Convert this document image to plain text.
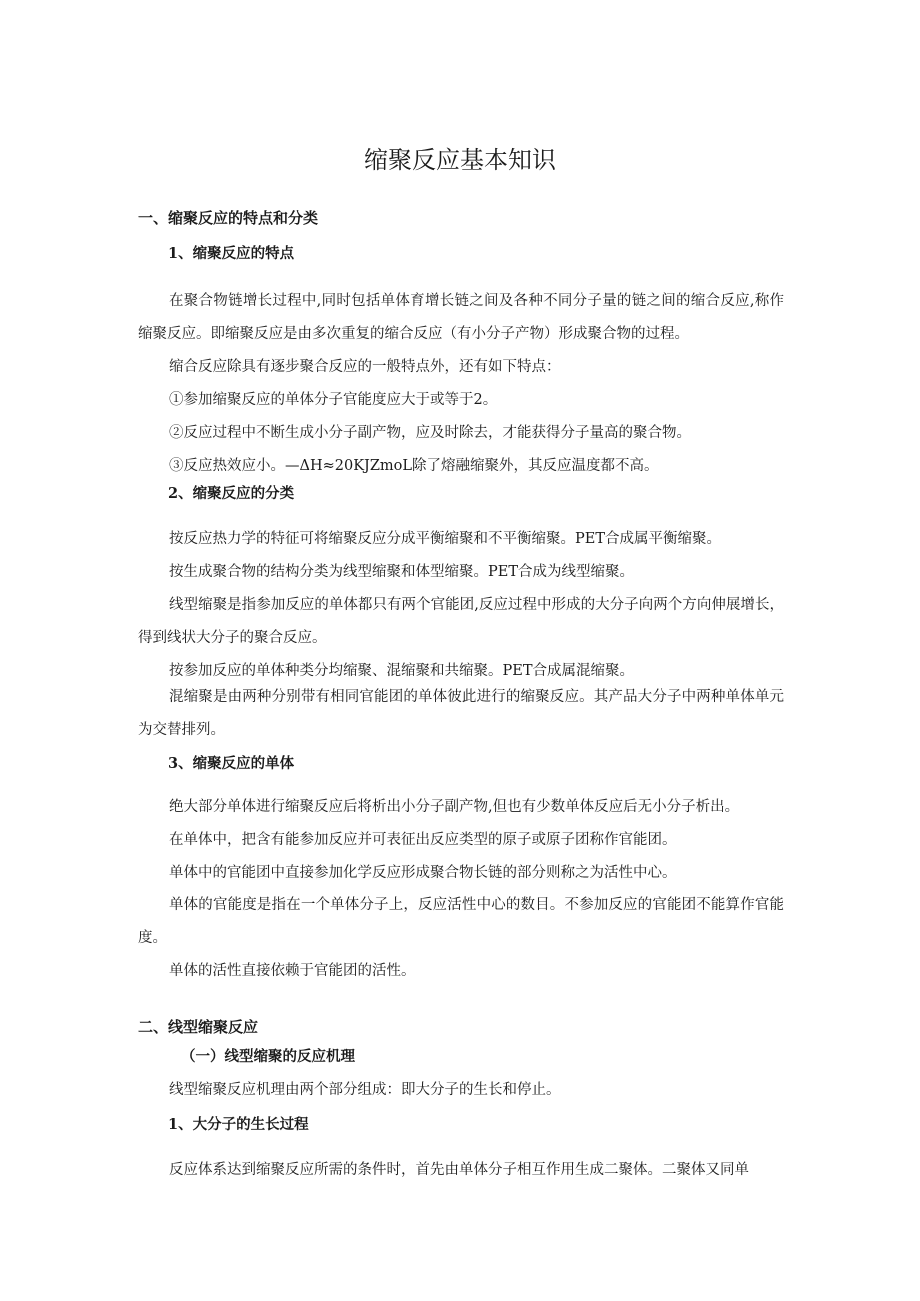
缩聚反应基本知识
一、缩聚反应的特点和分类
1、缩聚反应的特点

在聚合物链增长过程中,同时包括单体育增长链之间及各种不同分子量的链之间的缩合反应,称作缩聚反应。即缩聚反应是由多次重复的缩合反应（有小分子产物）形成聚合物的过程。

缩合反应除具有逐步聚合反应的一般特点外，还有如下特点：

①参加缩聚反应的单体分子官能度应大于或等于2。

②反应过程中不断生成小分子副产物，应及时除去，才能获得分子量高的聚合物。

③反应热效应小。—ΔH≈20KJZmoL除了熔融缩聚外，其反应温度都不高。

2、缩聚反应的分类

按反应热力学的特征可将缩聚反应分成平衡缩聚和不平衡缩聚。PET合成属平衡缩聚。

按生成聚合物的结构分类为线型缩聚和体型缩聚。PET合成为线型缩聚。

线型缩聚是指参加反应的单体都只有两个官能团,反应过程中形成的大分子向两个方向伸展增长，得到线状大分子的聚合反应。

按参加反应的单体种类分均缩聚、混缩聚和共缩聚。PET合成属混缩聚。

混缩聚是由两种分别带有相同官能团的单体彼此进行的缩聚反应。其产品大分子中两种单体单元为交替排列。

3、缩聚反应的单体

绝大部分单体进行缩聚反应后将析出小分子副产物,但也有少数单体反应后无小分子析出。

在单体中，把含有能参加反应并可表征出反应类型的原子或原子团称作官能团。

单体中的官能团中直接参加化学反应形成聚合物长链的部分则称之为活性中心。

单体的官能度是指在一个单体分子上，反应活性中心的数目。不参加反应的官能团不能算作官能度。

单体的活性直接依赖于官能团的活性。

二、线型缩聚反应
（一）线型缩聚的反应机理

线型缩聚反应机理由两个部分组成：即大分子的生长和停止。

1、大分子的生长过程

反应体系达到缩聚反应所需的条件时，首先由单体分子相互作用生成二聚体。二聚体又同单
